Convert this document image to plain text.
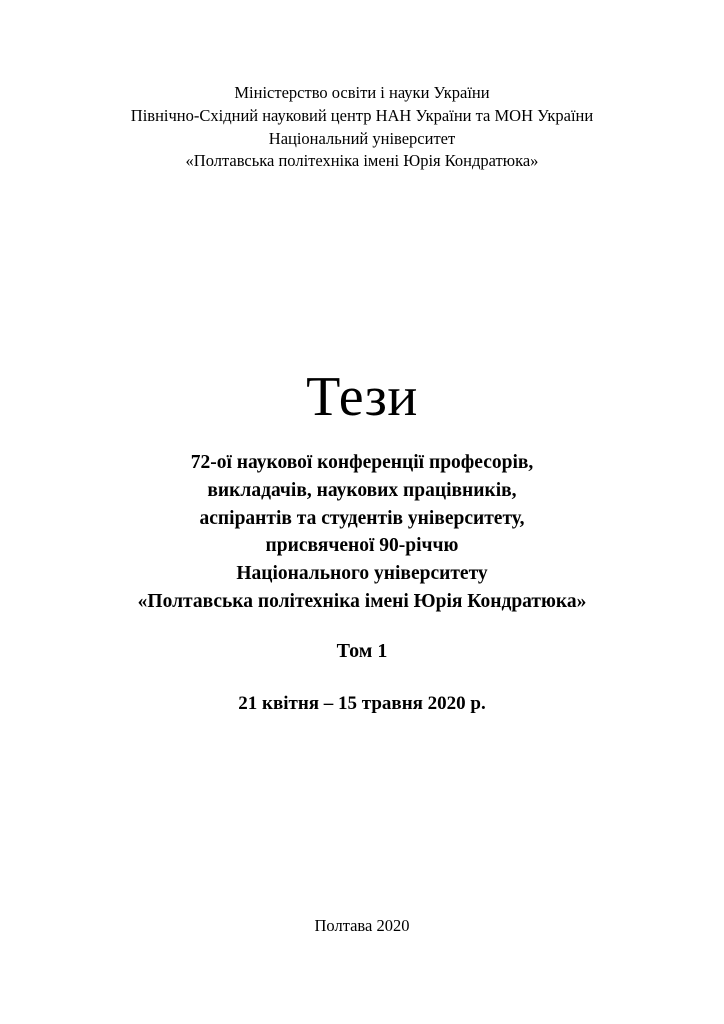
Міністерство освіти і науки України
Північно-Східний науковий центр НАН України та МОН України
Національний університет
«Полтавська політехніка імені Юрія Кондратюка»
Тези
72-ої наукової конференції професорів,
викладачів, наукових працівників,
аспірантів та студентів університету,
присвяченої 90-річчю
Національного університету
«Полтавська політехніка імені Юрія Кондратюка»
Том 1
21 квітня – 15 травня 2020 р.
Полтава 2020
